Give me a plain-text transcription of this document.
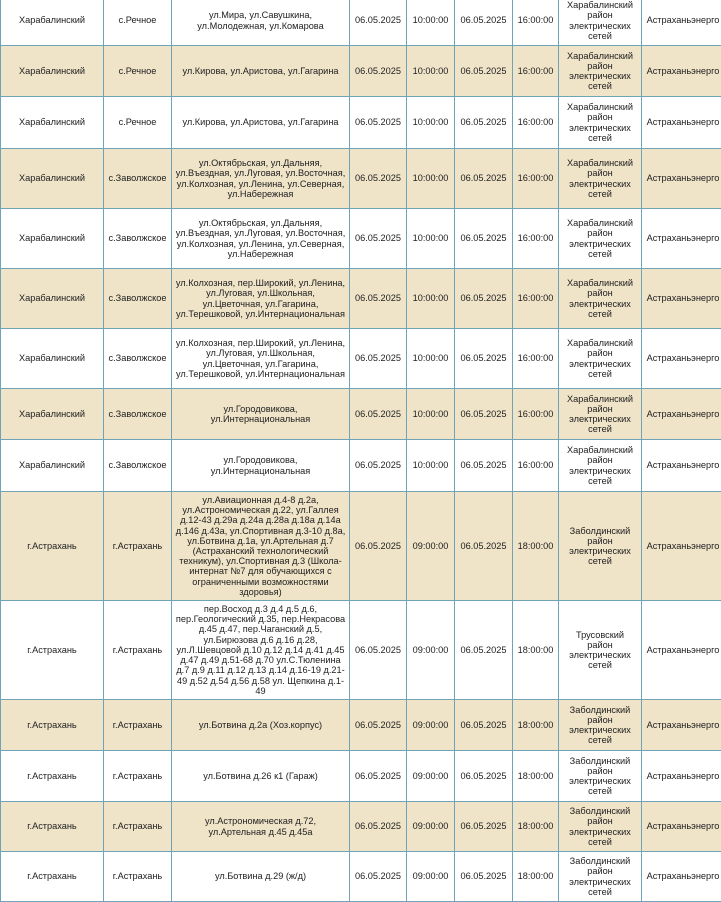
Харабалинский	с.Речное	ул.Мира, ул.Савушкина, ул.Молодежная, ул.Комарова	06.05.2025	10:00:00	06.05.2025	16:00:00	Харабалинский район электрических сетей	Астраханьэнерго
Харабалинский	с.Речное	ул.Кирова, ул.Аристова, ул.Гагарина	06.05.2025	10:00:00	06.05.2025	16:00:00	Харабалинский район электрических сетей	Астраханьэнерго
Харабалинский	с.Речное	ул.Кирова, ул.Аристова, ул.Гагарина	06.05.2025	10:00:00	06.05.2025	16:00:00	Харабалинский район электрических сетей	Астраханьэнерго
Харабалинский	с.Заволжское	ул.Октябрьская, ул.Дальняя, ул.Въездная, ул.Луговая, ул.Восточная, ул.Колхозная, ул.Ленина, ул.Северная, ул.Набережная	06.05.2025	10:00:00	06.05.2025	16:00:00	Харабалинский район электрических сетей	Астраханьэнерго
Харабалинский	с.Заволжское	ул.Октябрьская, ул.Дальняя, ул.Въездная, ул.Луговая, ул.Восточная, ул.Колхозная, ул.Ленина, ул.Северная, ул.Набережная	06.05.2025	10:00:00	06.05.2025	16:00:00	Харабалинский район электрических сетей	Астраханьэнерго
Харабалинский	с.Заволжское	ул.Колхозная, пер.Широкий, ул.Ленина, ул.Луговая, ул.Школьная, ул.Цветочная, ул.Гагарина, ул.Терешковой, ул.Интернациональная	06.05.2025	10:00:00	06.05.2025	16:00:00	Харабалинский район электрических сетей	Астраханьэнерго
Харабалинский	с.Заволжское	ул.Колхозная, пер.Широкий, ул.Ленина, ул.Луговая, ул.Школьная, ул.Цветочная, ул.Гагарина, ул.Терешковой, ул.Интернациональная	06.05.2025	10:00:00	06.05.2025	16:00:00	Харабалинский район электрических сетей	Астраханьэнерго
Харабалинский	с.Заволжское	ул.Городовикова, ул.Интернациональная	06.05.2025	10:00:00	06.05.2025	16:00:00	Харабалинский район электрических сетей	Астраханьэнерго
Харабалинский	с.Заволжское	ул.Городовикова, ул.Интернациональная	06.05.2025	10:00:00	06.05.2025	16:00:00	Харабалинский район электрических сетей	Астраханьэнерго
г.Астрахань	г.Астрахань	ул.Авиационная д.4-8 д.2а, ул.Астрономическая д.22, ул.Галлея д.12-43 д.29а д.24а д.28а д.18а д.14а д.146 д.43а, ул.Спортивная д.3-10 д.8а, ул.Ботвина д.1а, ул.Артельная д.7 (Астраханский технологический техникум), ул.Спортивная д.3 (Школа-интернат №7 для обучающихся с ограниченными возможностями здоровья)	06.05.2025	09:00:00	06.05.2025	18:00:00	Заболдинский район электрических сетей	Астраханьэнерго
г.Астрахань	г.Астрахань	пер.Восход д.3 д.4 д.5 д.6, пер.Геологический д.35, пер.Некрасова д.45 д.47, пер.Чаганский д.5, ул.Бирюзова д.6 д.16 д.28, ул.Л.Шевцовой д.10 д.12 д.14 д.41 д.45 д.47 д.49 д.51-68 д.70 ул.С.Тюленина д.7 д.9 д.11 д.12 д.13 д.14 д.16-19 д.21-49 д.52 д.54 д.56 д.58 ул. Щепкина д.1-49	06.05.2025	09:00:00	06.05.2025	18:00:00	Трусовский район электрических сетей	Астраханьэнерго
г.Астрахань	г.Астрахань	ул.Ботвина д.2а (Хоз.корпус)	06.05.2025	09:00:00	06.05.2025	18:00:00	Заболдинский район электрических сетей	Астраханьэнерго
г.Астрахань	г.Астрахань	ул.Ботвина д.26 к1 (Гараж)	06.05.2025	09:00:00	06.05.2025	18:00:00	Заболдинский район электрических сетей	Астраханьэнерго
г.Астрахань	г.Астрахань	ул.Астрономическая д.72, ул.Артельная д.45 д.45а	06.05.2025	09:00:00	06.05.2025	18:00:00	Заболдинский район электрических сетей	Астраханьэнерго
г.Астрахань	г.Астрахань	ул.Ботвина д.29 (ж/д)	06.05.2025	09:00:00	06.05.2025	18:00:00	Заболдинский район электрических сетей	Астраханьэнерго
